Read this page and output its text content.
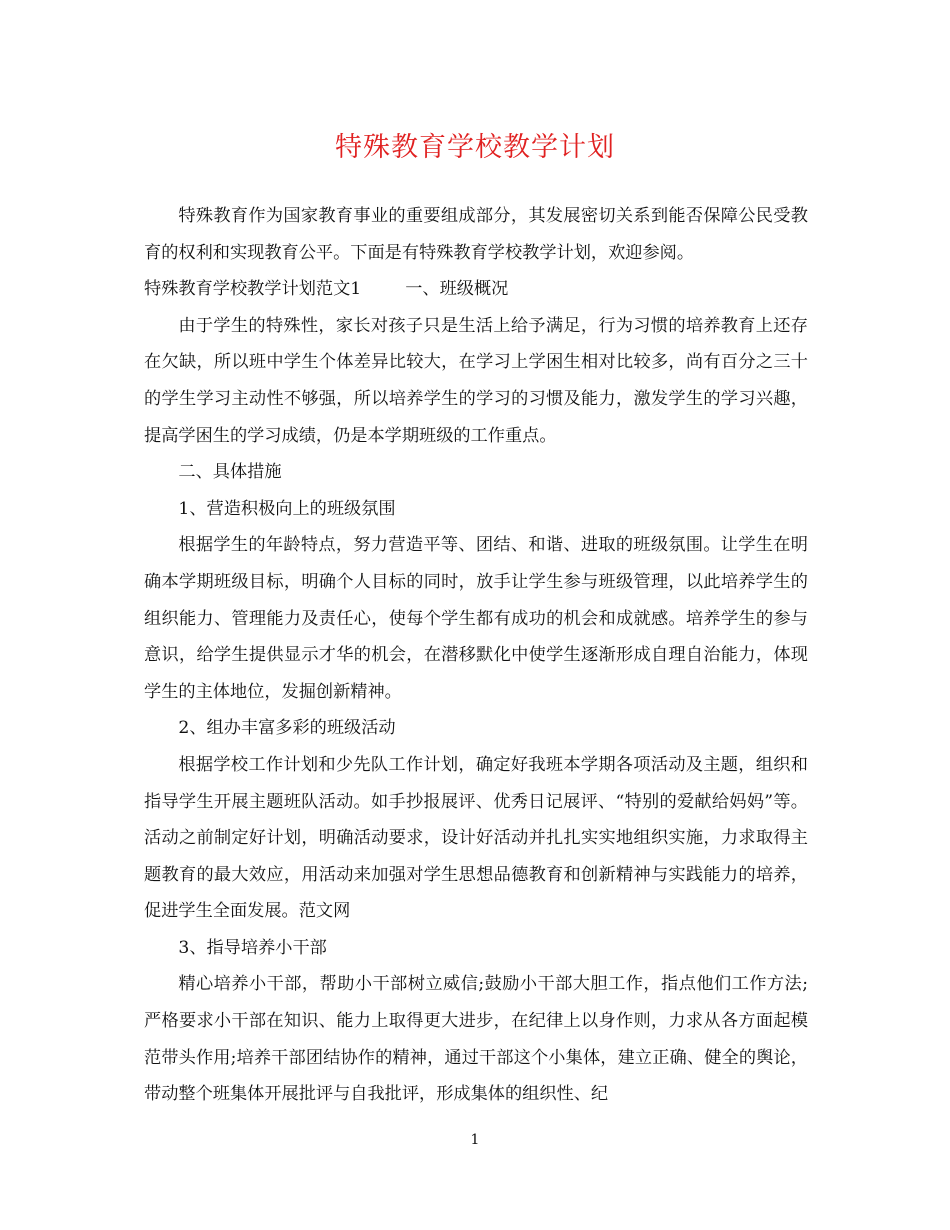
特殊教育学校教学计划

特殊教育作为国家教育事业的重要组成部分，其发展密切关系到能否保障公民受教育的权利和实现教育公平。下面是有特殊教育学校教学计划，欢迎参阅。

特殊教育学校教学计划范文1	一、班级概况

由于学生的特殊性，家长对孩子只是生活上给予满足，行为习惯的培养教育上还存在欠缺，所以班中学生个体差异比较大，在学习上学困生相对比较多，尚有百分之三十的学生学习主动性不够强，所以培养学生的学习的习惯及能力，激发学生的学习兴趣，提高学困生的学习成绩，仍是本学期班级的工作重点。

二、具体措施

1、营造积极向上的班级氛围

根据学生的年龄特点，努力营造平等、团结、和谐、进取的班级氛围。让学生在明确本学期班级目标，明确个人目标的同时，放手让学生参与班级管理，以此培养学生的组织能力、管理能力及责任心，使每个学生都有成功的机会和成就感。培养学生的参与意识，给学生提供显示才华的机会，在潜移默化中使学生逐渐形成自理自治能力，体现学生的主体地位，发掘创新精神。

2、组办丰富多彩的班级活动

根据学校工作计划和少先队工作计划，确定好我班本学期各项活动及主题，组织和指导学生开展主题班队活动。如手抄报展评、优秀日记展评、“特别的爱献给妈妈”等。活动之前制定好计划，明确活动要求，设计好活动并扎扎实实地组织实施，力求取得主题教育的最大效应，用活动来加强对学生思想品德教育和创新精神与实践能力的培养，促进学生全面发展。范文网

3、指导培养小干部

精心培养小干部，帮助小干部树立威信;鼓励小干部大胆工作，指点他们工作方法;严格要求小干部在知识、能力上取得更大进步，在纪律上以身作则，力求从各方面起模范带头作用;培养干部团结协作的精神，通过干部这个小集体，建立正确、健全的舆论，带动整个班集体开展批评与自我批评，形成集体的组织性、纪

1
